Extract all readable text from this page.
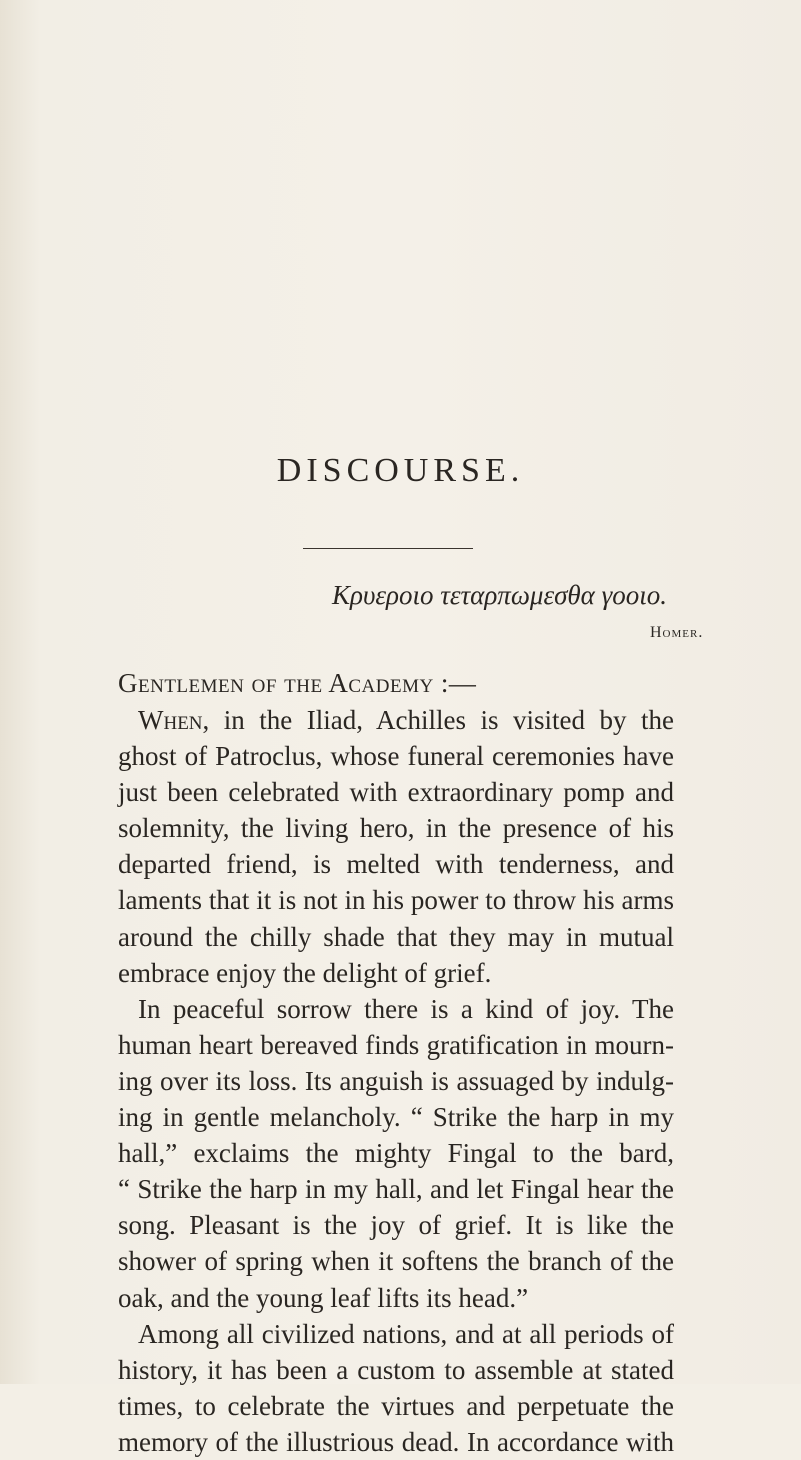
DISCOURSE.
Κρυεροιο τεταρπωμεσθα γοοιο.
Homer.
Gentlemen of the Academy :—
When, in the Iliad, Achilles is visited by the
ghost of Patroclus, whose funeral ceremonies have
just been celebrated with extraordinary pomp and
solemnity, the living hero, in the presence of his
departed friend, is melted with tenderness, and
laments that it is not in his power to throw his arms
around the chilly shade that they may in mutual
embrace enjoy the delight of grief.
In peaceful sorrow there is a kind of joy. The
human heart bereaved finds gratification in mourn-
ing over its loss. Its anguish is assuaged by indulg-
ing in gentle melancholy. “ Strike the harp in my
hall,” exclaims the mighty Fingal to the bard,
“ Strike the harp in my hall, and let Fingal hear the
song. Pleasant is the joy of grief. It is like the
shower of spring when it softens the branch of the
oak, and the young leaf lifts its head.”
Among all civilized nations, and at all periods of
history, it has been a custom to assemble at stated
times, to celebrate the virtues and perpetuate the
memory of the illustrious dead. In accordance with
